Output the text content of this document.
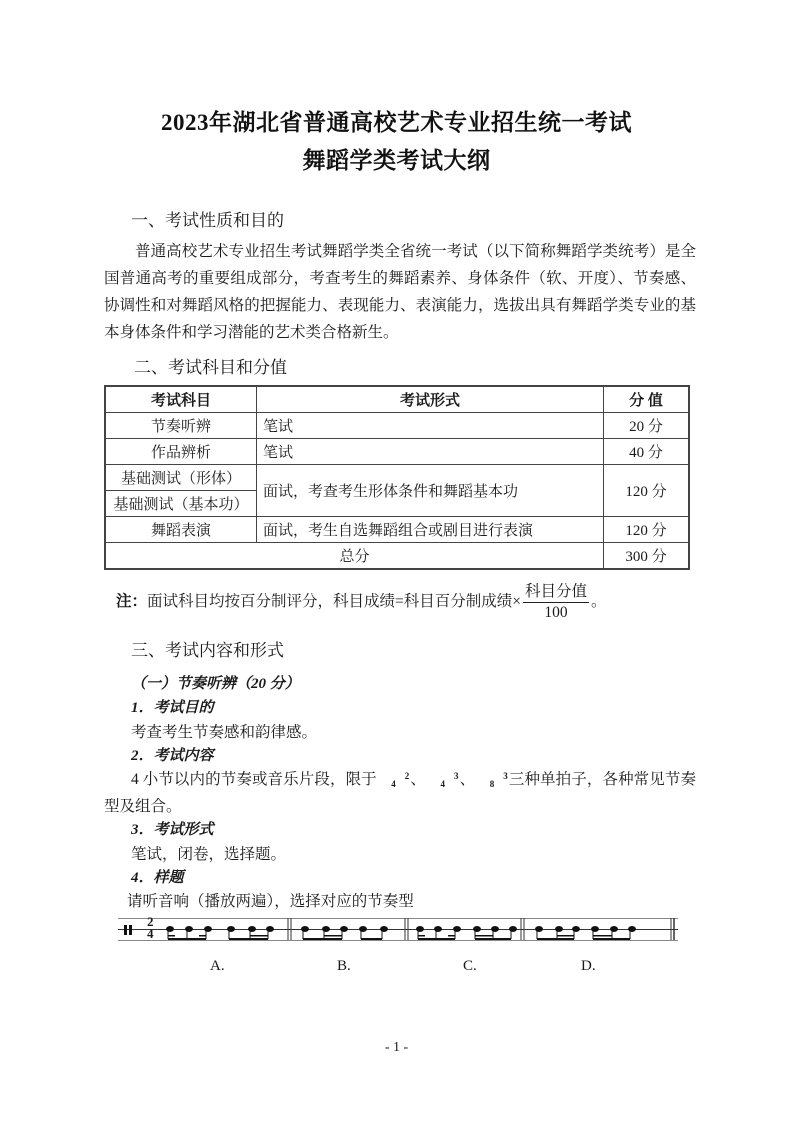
2023年湖北省普通高校艺术专业招生统一考试
舞蹈学类考试大纲
一、考试性质和目的
普通高校艺术专业招生考试舞蹈学类全省统一考试（以下简称舞蹈学类统考）是全国普通高考的重要组成部分，考查考生的舞蹈素养、身体条件（软、开度）、节奏感、协调性和对舞蹈风格的把握能力、表现能力、表演能力，选拔出具有舞蹈学类专业的基本身体条件和学习潜能的艺术类合格新生。
二、考试科目和分值
考试科目	考试形式	分 值
节奏听辨	笔试	20 分
作品辨析	笔试	40 分
基础测试（形体）	面试，考查考生形体条件和舞蹈基本功	120 分
基础测试（基本功）		
舞蹈表演	面试，考生自选舞蹈组合或剧目进行表演	120 分
总分		300 分
注：面试科目均按百分制评分，科目成绩=科目百分制成绩× $\frac{\text{科目分值}}{100}$ 。
三、考试内容和形式
（一）节奏听辨（20 分）
1．考试目的
考查考生节奏感和韵律感。
2．考试内容
4 小节以内的节奏或音乐片段，限于	2
4 、	3
4 、	3
8 三种单拍子，各种常见节奏型及组合。
3．考试形式
笔试，闭卷，选择题。
4．样题
请听音响（播放两遍），选择对应的节奏型
2
4
A.	B.	C.	D.
- 1 -
